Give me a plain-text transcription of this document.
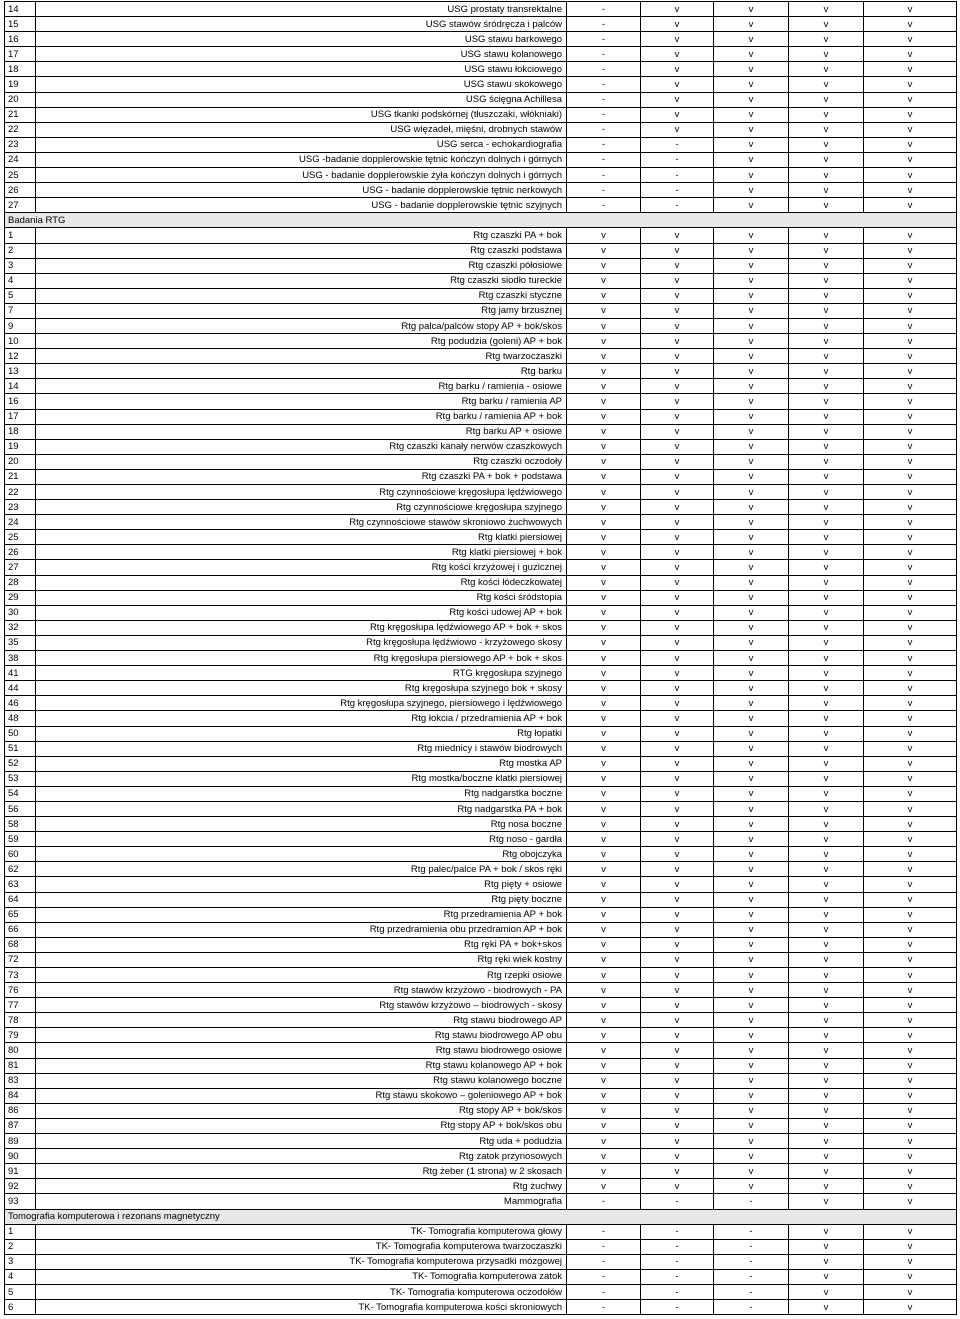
14	USG prostaty transrektalne	-	v	v	v	v
15	USG stawów śródręcza i palców	-	v	v	v	v
16	USG stawu barkowego	-	v	v	v	v
17	USG stawu kolanowego	-	v	v	v	v
18	USG stawu łokciowego	-	v	v	v	v
19	USG stawu skokowego	-	v	v	v	v
20	USG ścięgna Achillesa	-	v	v	v	v
21	USG tkanki podskórnej (tłuszczaki, włókniaki)	-	v	v	v	v
22	USG więzadeł, mięśni, drobnych stawów	-	v	v	v	v
23	USG serca - echokardiografia	-	-	v	v	v
24	USG -badanie dopplerowskie tętnic kończyn dolnych i górnych	-	-	v	v	v
25	USG - badanie dopplerowskie żyła kończyn dolnych i górnych	-	-	v	v	v
26	USG - badanie dopplerowskie tętnic nerkowych	-	-	v	v	v
27	USG - badanie dopplerowskie tętnic szyjnych	-	-	v	v	v
Badania RTG						
1	Rtg czaszki PA + bok	v	v	v	v	v
2	Rtg czaszki podstawa	v	v	v	v	v
3	Rtg czaszki półosiowe	v	v	v	v	v
4	Rtg czaszki siodło tureckie	v	v	v	v	v
5	Rtg czaszki styczne	v	v	v	v	v
7	Rtg jamy brzusznej	v	v	v	v	v
9	Rtg palca/palców stopy AP + bok/skos	v	v	v	v	v
10	Rtg podudzia (goleni) AP + bok	v	v	v	v	v
12	Rtg twarzoczaszki	v	v	v	v	v
13	Rtg barku	v	v	v	v	v
14	Rtg barku / ramienia - osiowe	v	v	v	v	v
16	Rtg barku / ramienia AP	v	v	v	v	v
17	Rtg barku / ramienia AP + bok	v	v	v	v	v
18	Rtg barku AP + osiowe	v	v	v	v	v
19	Rtg czaszki kanały nerwów czaszkowych	v	v	v	v	v
20	Rtg czaszki oczodoły	v	v	v	v	v
21	Rtg czaszki PA + bok + podstawa	v	v	v	v	v
22	Rtg czynnościowe kręgosłupa lędźwiowego	v	v	v	v	v
23	Rtg czynnościowe kręgosłupa szyjnego	v	v	v	v	v
24	Rtg czynnościowe stawów skroniowo żuchwowych	v	v	v	v	v
25	Rtg klatki piersiowej	v	v	v	v	v
26	Rtg klatki piersiowej + bok	v	v	v	v	v
27	Rtg kości krzyżowej i guzicznej	v	v	v	v	v
28	Rtg kości łódeczkowatej	v	v	v	v	v
29	Rtg kości śródstopia	v	v	v	v	v
30	Rtg kości udowej AP + bok	v	v	v	v	v
32	Rtg kręgosłupa lędźwiowego AP + bok + skos	v	v	v	v	v
35	Rtg kręgosłupa lędźwiowo - krzyżowego skosy	v	v	v	v	v
38	Rtg kręgosłupa piersiowego AP + bok + skos	v	v	v	v	v
41	RTG kręgosłupa szyjnego	v	v	v	v	v
44	Rtg kręgosłupa szyjnego bok + skosy	v	v	v	v	v
46	Rtg kręgosłupa szyjnego, piersiowego i lędźwiowego	v	v	v	v	v
48	Rtg łokcia / przedramienia AP + bok	v	v	v	v	v
50	Rtg łopatki	v	v	v	v	v
51	Rtg miednicy i stawów biodrowych	v	v	v	v	v
52	Rtg mostka AP	v	v	v	v	v
53	Rtg mostka/boczne klatki piersiowej	v	v	v	v	v
54	Rtg nadgarstka boczne	v	v	v	v	v
56	Rtg nadgarstka PA + bok	v	v	v	v	v
58	Rtg nosa boczne	v	v	v	v	v
59	Rtg noso - gardła	v	v	v	v	v
60	Rtg obojczyka	v	v	v	v	v
62	Rtg palec/palce PA + bok / skos ręki	v	v	v	v	v
63	Rtg pięty + osiowe	v	v	v	v	v
64	Rtg pięty boczne	v	v	v	v	v
65	Rtg przedramienia AP + bok	v	v	v	v	v
66	Rtg przedramienia obu przedramion AP + bok	v	v	v	v	v
68	Rtg ręki PA + bok+skos	v	v	v	v	v
72	Rtg ręki wiek kostny	v	v	v	v	v
73	Rtg rzepki osiowe	v	v	v	v	v
76	Rtg stawów krzyżowo - biodrowych - PA	v	v	v	v	v
77	Rtg stawów krzyżowo – biodrowych - skosy	v	v	v	v	v
78	Rtg stawu biodrowego AP	v	v	v	v	v
79	Rtg stawu biodrowego AP obu	v	v	v	v	v
80	Rtg stawu biodrowego osiowe	v	v	v	v	v
81	Rtg stawu kolanowego AP + bok	v	v	v	v	v
83	Rtg stawu kolanowego boczne	v	v	v	v	v
84	Rtg stawu skokowo – goleniowego AP + bok	v	v	v	v	v
86	Rtg stopy AP + bok/skos	v	v	v	v	v
87	Rtg stopy AP + bok/skos obu	v	v	v	v	v
89	Rtg uda + podudzia	v	v	v	v	v
90	Rtg zatok przynosowych	v	v	v	v	v
91	Rtg żeber (1 strona) w 2 skosach	v	v	v	v	v
92	Rtg żuchwy	v	v	v	v	v
93	Mammografia	-	-	-	v	v
Tomografia komputerowa i rezonans magnetyczny						
1	TK- Tomografia komputerowa głowy	-	-	-	v	v
2	TK- Tomografia komputerowa twarzoczaszki	-	-	-	v	v
3	TK- Tomografia komputerowa przysadki mózgowej	-	-	-	v	v
4	TK- Tomografia komputerowa zatok	-	-	-	v	v
5	TK- Tomografia komputerowa oczodołów	-	-	-	v	v
6	TK- Tomografia komputerowa kości skroniowych	-	-	-	v	v
